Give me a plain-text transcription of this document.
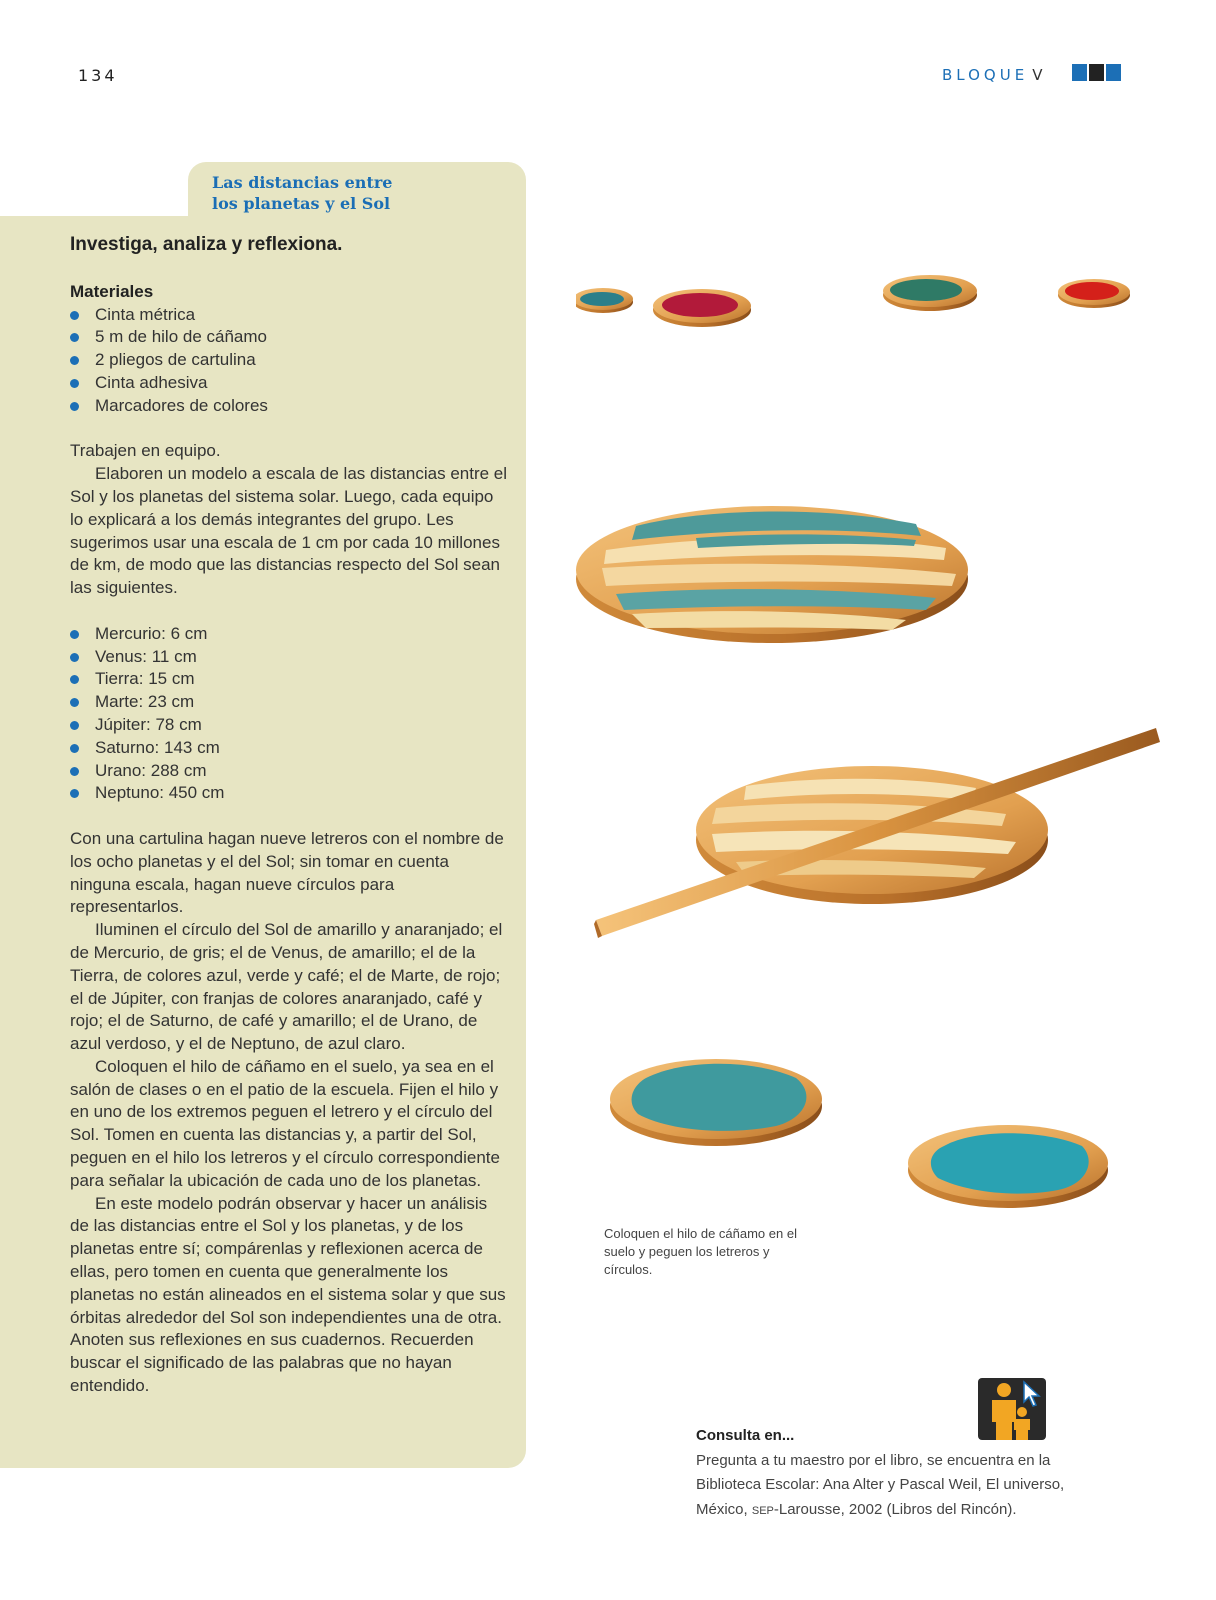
134	BLOQUE V
Las distancias entre
los planetas y el Sol
Investiga, analiza y reflexiona.
Materiales
Cinta métrica
5 m de hilo de cáñamo
2 pliegos de cartulina
Cinta adhesiva
Marcadores de colores

Trabajen en equipo.

Elaboren un modelo a escala de las distancias entre el Sol y los planetas del sistema solar. Luego, cada equipo lo explicará a los demás integrantes del grupo. Les sugerimos usar una escala de 1 cm por cada 10 millones de km, de modo que las distancias respecto del Sol sean las siguientes.

Mercurio: 6 cm
Venus: 11 cm
Tierra: 15 cm
Marte: 23 cm
Júpiter: 78 cm
Saturno: 143 cm
Urano: 288 cm
Neptuno: 450 cm

Con una cartulina hagan nueve letreros con el nombre de los ocho planetas y el del Sol; sin tomar en cuenta ninguna escala, hagan nueve círculos para representarlos.

Iluminen el círculo del Sol de amarillo y anaranjado; el de Mercurio, de gris; el de Venus, de amarillo; el de la Tierra, de colores azul, verde y café; el de Marte, de rojo; el de Júpiter, con franjas de colores anaranjado, café y rojo; el de Saturno, de café y amarillo; el de Urano, de azul verdoso, y el de Neptuno, de azul claro.

Coloquen el hilo de cáñamo en el suelo, ya sea en el salón de clases o en el patio de la escuela. Fijen el hilo y en uno de los extremos peguen el letrero y el círculo del Sol. Tomen en cuenta las distancias y, a partir del Sol, peguen en el hilo los letreros y el círculo correspondiente para señalar la ubicación de cada uno de los planetas.

En este modelo podrán observar y hacer un análisis de las distancias entre el Sol y los planetas, y de los planetas entre sí; compárenlas y reflexionen acerca de ellas, pero tomen en cuenta que generalmente los planetas no están alineados en el sistema solar y que sus órbitas alrededor del Sol son independientes una de otra. Anoten sus reflexiones en sus cuadernos. Recuerden buscar el significado de las palabras que no hayan entendido.

Coloquen el hilo de cáñamo en el suelo y peguen los letreros y círculos.
Consulta en...
Pregunta a tu maestro por el libro, se encuentra en la Biblioteca Escolar: Ana Alter y Pascal Weil, El universo, México, SEP-Larousse, 2002 (Libros del Rincón).
